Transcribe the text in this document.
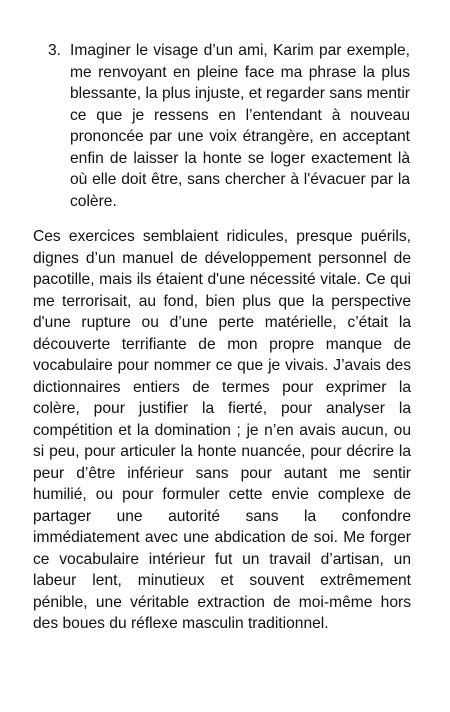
3. Imaginer le visage d’un ami, Karim par exemple, me renvoyant en pleine face ma phrase la plus blessante, la plus injuste, et regarder sans mentir ce que je ressens en l’entendant à nouveau prononcée par une voix étrangère, en acceptant enfin de laisser la honte se loger exactement là où elle doit être, sans chercher à l'évacuer par la colère.

Ces exercices semblaient ridicules, presque puérils, dignes d’un manuel de développement personnel de pacotille, mais ils étaient d'une nécessité vitale. Ce qui me terrorisait, au fond, bien plus que la perspective d'une rupture ou d’une perte matérielle, c’était la découverte terrifiante de mon propre manque de vocabulaire pour nommer ce que je vivais. J’avais des dictionnaires entiers de termes pour exprimer la colère, pour justifier la fierté, pour analyser la compétition et la domination ; je n’en avais aucun, ou si peu, pour articuler la honte nuancée, pour décrire la peur d’être inférieur sans pour autant me sentir humilié, ou pour formuler cette envie complexe de partager une autorité sans la confondre immédiatement avec une abdication de soi. Me forger ce vocabulaire intérieur fut un travail d’artisan, un labeur lent, minutieux et souvent extrêmement pénible, une véritable extraction de moi-même hors des boues du réflexe masculin traditionnel.
